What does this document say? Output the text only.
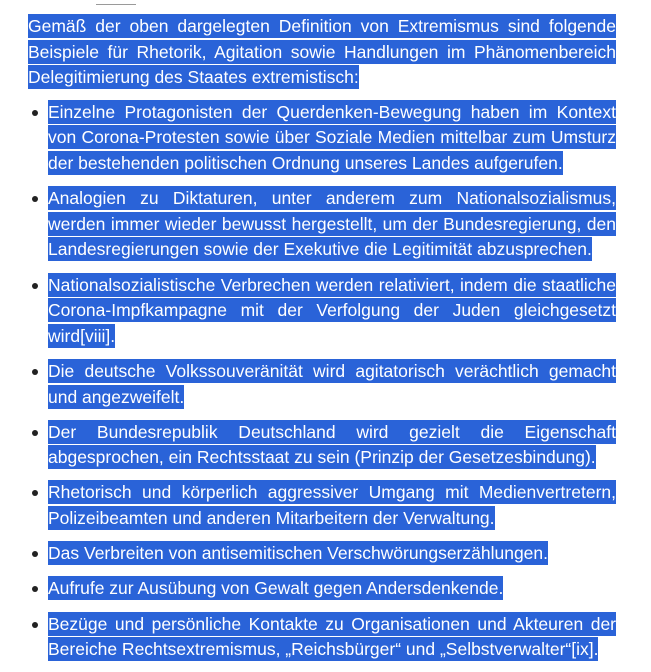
Gemäß der oben dargelegten Definition von Extremismus sind folgende Beispiele für Rhetorik, Agitation sowie Handlungen im Phänomenbereich Delegitimierung des Staates extremistisch:

Einzelne Protagonisten der Querdenken-Bewegung haben im Kontext von Corona-Protesten sowie über Soziale Medien mittelbar zum Umsturz der bestehenden politischen Ordnung unseres Landes aufgerufen.
Analogien zu Diktaturen, unter anderem zum Nationalsozialismus, werden immer wieder bewusst hergestellt, um der Bundesregierung, den Landesregierungen sowie der Exekutive die Legitimität abzusprechen.
Nationalsozialistische Verbrechen werden relativiert, indem die staatliche Corona-Impfkampagne mit der Verfolgung der Juden gleichgesetzt wird[viii].
Die deutsche Volkssouveränität wird agitatorisch verächtlich gemacht und angezweifelt.
Der Bundesrepublik Deutschland wird gezielt die Eigenschaft abgesprochen, ein Rechtsstaat zu sein (Prinzip der Gesetzesbindung).
Rhetorisch und körperlich aggressiver Umgang mit Medienvertretern, Polizeibeamten und anderen Mitarbeitern der Verwaltung.
Das Verbreiten von antisemitischen Verschwörungserzählungen.
Aufrufe zur Ausübung von Gewalt gegen Andersdenkende.
Bezüge und persönliche Kontakte zu Organisationen und Akteuren der Bereiche Rechtsextremismus, „Reichsbürger“ und „Selbstverwalter“[ix].
